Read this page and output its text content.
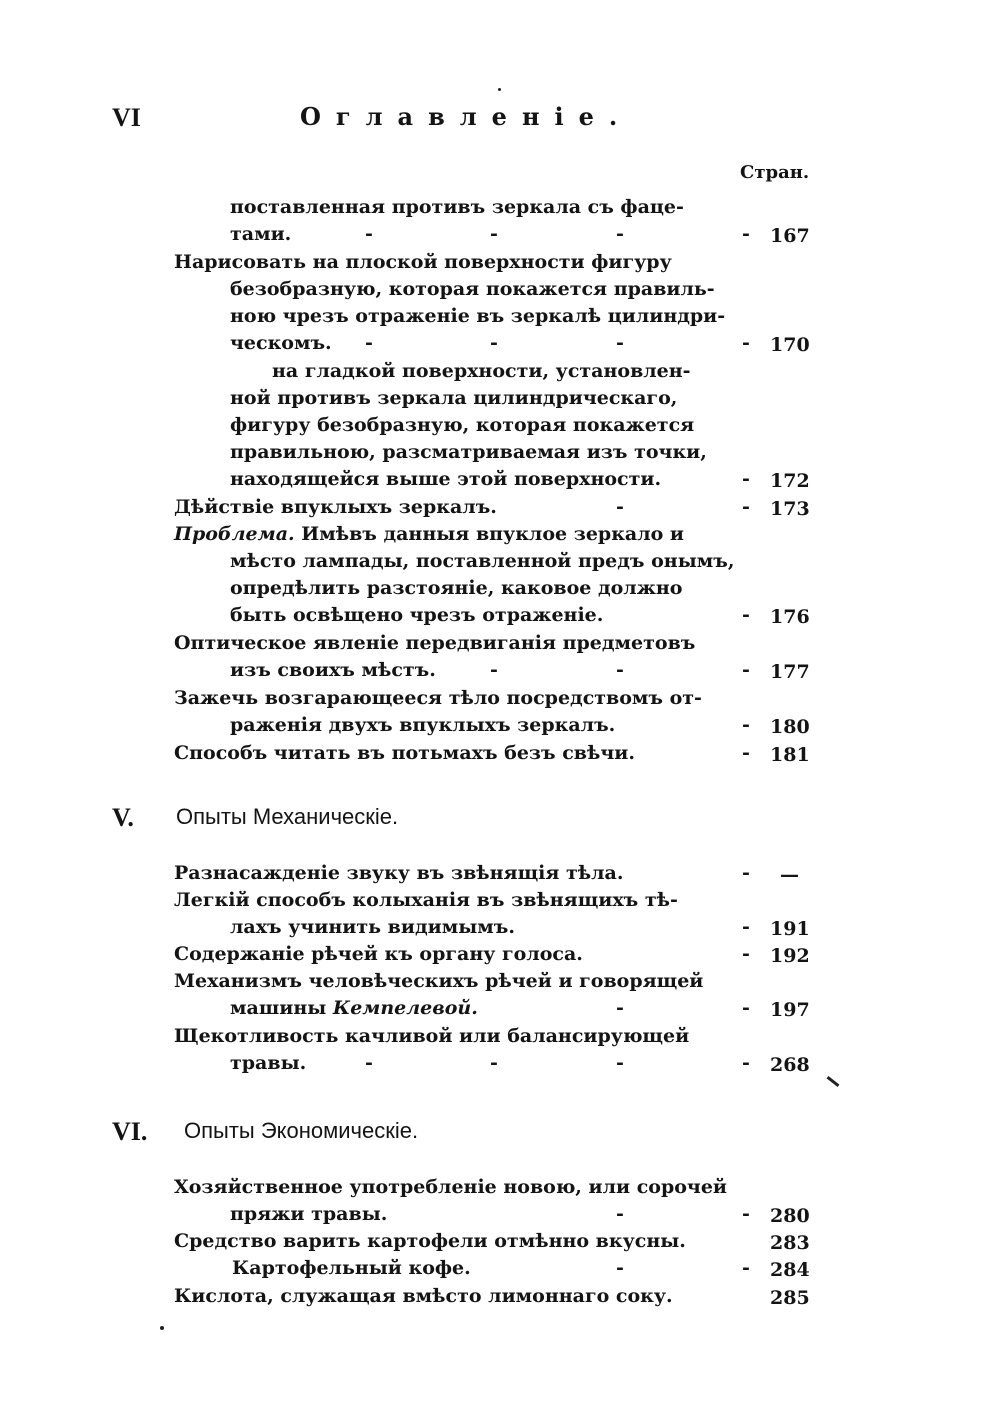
VI	Оглавленіе.
Стран.
поставленная противъ зеркала съ фаце-
тами.	-	-	-	- 167
Нарисовать на плоской поверхности фигуру
безобразную, которая покажется правиль-
ною чрезъ отраженіе въ зеркалѣ цилиндри-
ческомъ. -	-	-	- 170
на гладкой поверхности, установлен-
ной противъ зеркала цилиндрическаго,
фигуру безобразную, которая покажется
правильною, разсматриваемая изъ точки,
находящейся выше этой поверхности.	- 172
Дѣйствіе впуклыхъ зеркалъ.	-	- 173
Проблема. Имѣвъ данныя впуклое зеркало и
мѣсто лампады, поставленной предъ онымъ,
опредѣлить разстояніе, каковое должно
быть освѣщено чрезъ отраженіе.	- 176
Оптическое явленіе передвиганія предметовъ
изъ своихъ мѣстъ.	-	-	- 177
Зажечь возгарающееся тѣло посредствомъ от-
раженія двухъ впуклыхъ зеркалъ.	- 180
Способъ читать въ потьмахъ безъ свѣчи.	- 181
V. Опыты Механическіе.
Разнасажденіе звуку въ звѣнящія тѣла.	- —
Легкій способъ колыханія въ звѣнящихъ тѣ-
лахъ учинить видимымъ.	- 191
Содержаніе рѣчей къ органу голоса.	- 192
Механизмъ человѣческихъ рѣчей и говорящей
машины Кемпелевой.	-	- 197
Щекотливость качливой или балансирующей
травы.	-	-	-	- 268
VI. Опыты Экономическіе.
Хозяйственное употребленіе новою, или сорочей
пряжи травы.	-	- 280
Средство варить картофели отмѣнно вкусны.	283
Картофельный кофе.	-	- 284
Кислота, служащая вмѣсто лимоннаго соку.	285
